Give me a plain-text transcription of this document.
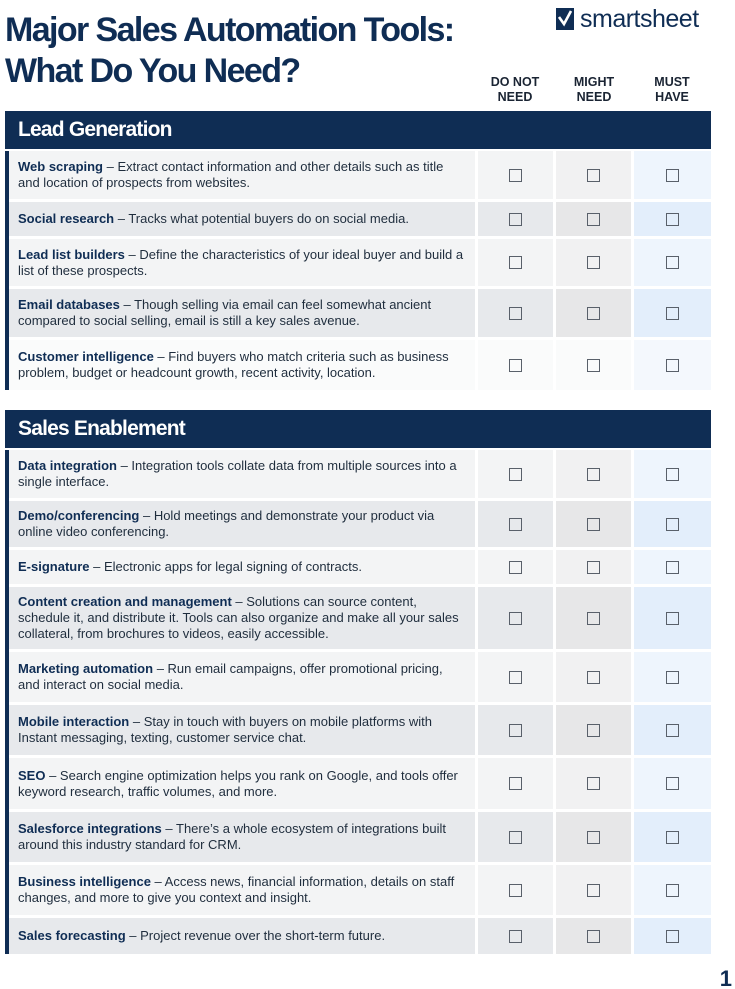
Major Sales Automation Tools:
What Do You Need?
smartsheet
DO NOT
NEED
MIGHT
NEED
MUST
HAVE
Lead Generation
Web scraping – Extract contact information and other details such as title and location of prospects from websites.
Social research – Tracks what potential buyers do on social media.
Lead list builders – Define the characteristics of your ideal buyer and build a list of these prospects.
Email databases – Though selling via email can feel somewhat ancient compared to social selling, email is still a key sales avenue.
Customer intelligence – Find buyers who match criteria such as business problem, budget or headcount growth, recent activity, location.
Sales Enablement
Data integration – Integration tools collate data from multiple sources into a single interface.
Demo/conferencing – Hold meetings and demonstrate your product via online video conferencing.
E-signature – Electronic apps for legal signing of contracts.
Content creation and management – Solutions can source content, schedule it, and distribute it. Tools can also organize and make all your sales collateral, from brochures to videos, easily accessible.
Marketing automation – Run email campaigns, offer promotional pricing, and interact on social media.
Mobile interaction – Stay in touch with buyers on mobile platforms with Instant messaging, texting, customer service chat.
SEO – Search engine optimization helps you rank on Google, and tools offer keyword research, traffic volumes, and more.
Salesforce integrations – There’s a whole ecosystem of integrations built around this industry standard for CRM.
Business intelligence – Access news, financial information, details on staff changes, and more to give you context and insight.
Sales forecasting – Project revenue over the short-term future.
1
